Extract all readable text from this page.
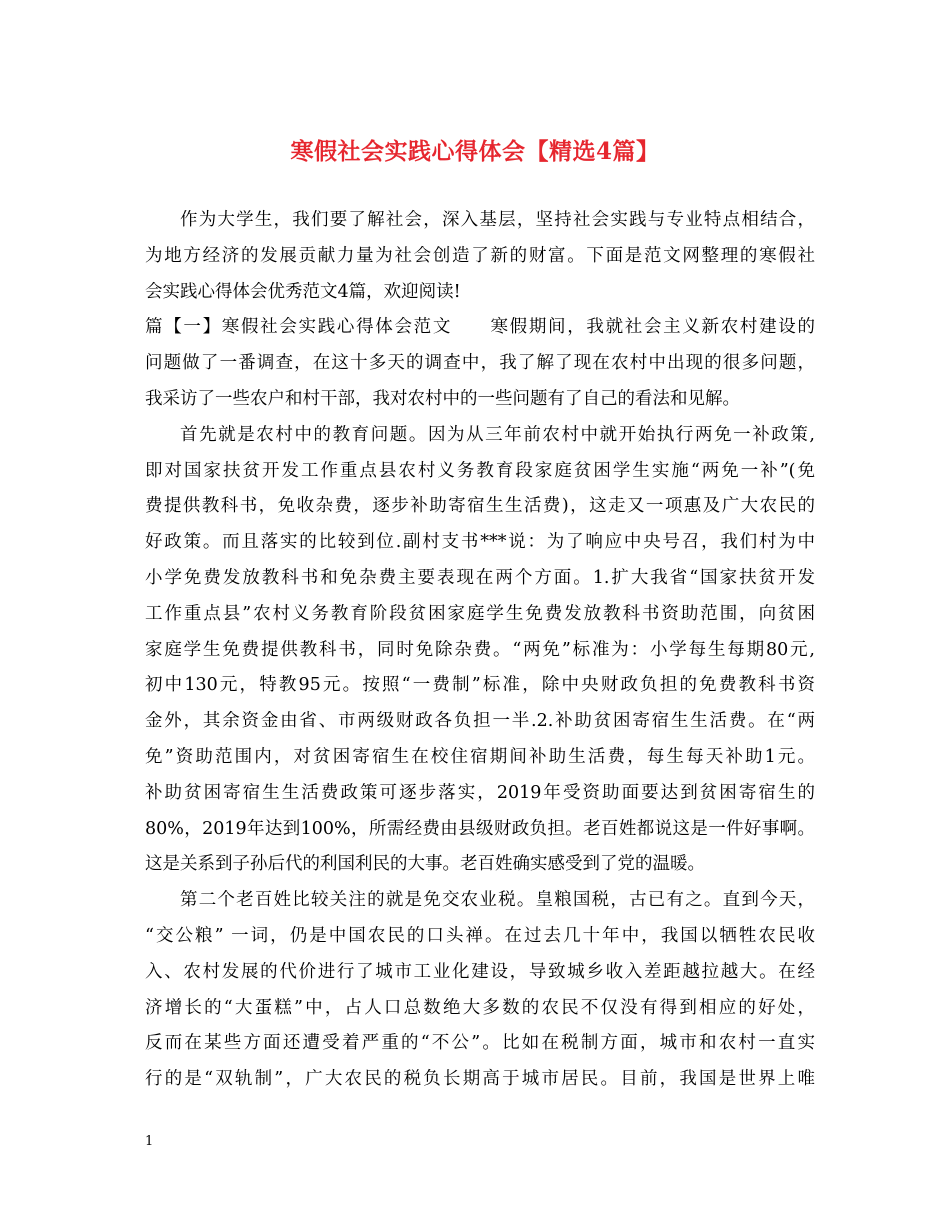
寒假社会实践心得体会【精选4篇】
作为大学生，我们要了解社会，深入基层，坚持社会实践与专业特点相结合，
为地方经济的发展贡献力量为社会创造了新的财富。下面是范文网整理的寒假社
会实践心得体会优秀范文4篇，欢迎阅读!
篇【一】寒假社会实践心得体会范文　　寒假期间，我就社会主义新农村建设的
问题做了一番调查，在这十多天的调查中，我了解了现在农村中出现的很多问题，
我采访了一些农户和村干部，我对农村中的一些问题有了自己的看法和见解。
首先就是农村中的教育问题。因为从三年前农村中就开始执行两免一补政策,
即对国家扶贫开发工作重点县农村义务教育段家庭贫困学生实施“两免一补”(免
费提供教科书，免收杂费，逐步补助寄宿生生活费)，这走又一项惠及广大农民的
好政策。而且落实的比较到位.副村支书***说：为了响应中央号召，我们村为中
小学免费发放教科书和免杂费主要表现在两个方面。1.扩大我省“国家扶贫开发
工作重点县”农村义务教育阶段贫困家庭学生免费发放教科书资助范围，向贫困
家庭学生免费提供教科书，同时免除杂费。“两免”标准为：小学每生每期80元,
初中130元，特教95元。按照“一费制”标准，除中央财政负担的免费教科书资
金外，其余资金由省、市两级财政各负担一半.2.补助贫困寄宿生生活费。在“两
免”资助范围内，对贫困寄宿生在校住宿期间补助生活费，每生每天补助1元。
补助贫困寄宿生生活费政策可逐步落实，2019年受资助面要达到贫困寄宿生的
80%，2019年达到100%，所需经费由县级财政负担。老百姓都说这是一件好事啊。
这是关系到子孙后代的利国利民的大事。老百姓确实感受到了党的温暖。
第二个老百姓比较关注的就是免交农业税。皇粮国税，古已有之。直到今天，
“交公粮” 一词，仍是中国农民的口头禅。在过去几十年中，我国以牺牲农民收
入、农村发展的代价进行了城市工业化建设，导致城乡收入差距越拉越大。在经
济增长的“大蛋糕”中，占人口总数绝大多数的农民不仅没有得到相应的好处，
反而在某些方面还遭受着严重的“不公”。比如在税制方面，城市和农村一直实
行的是“双轨制”，广大农民的税负长期高于城市居民。目前，我国是世界上唯
1
